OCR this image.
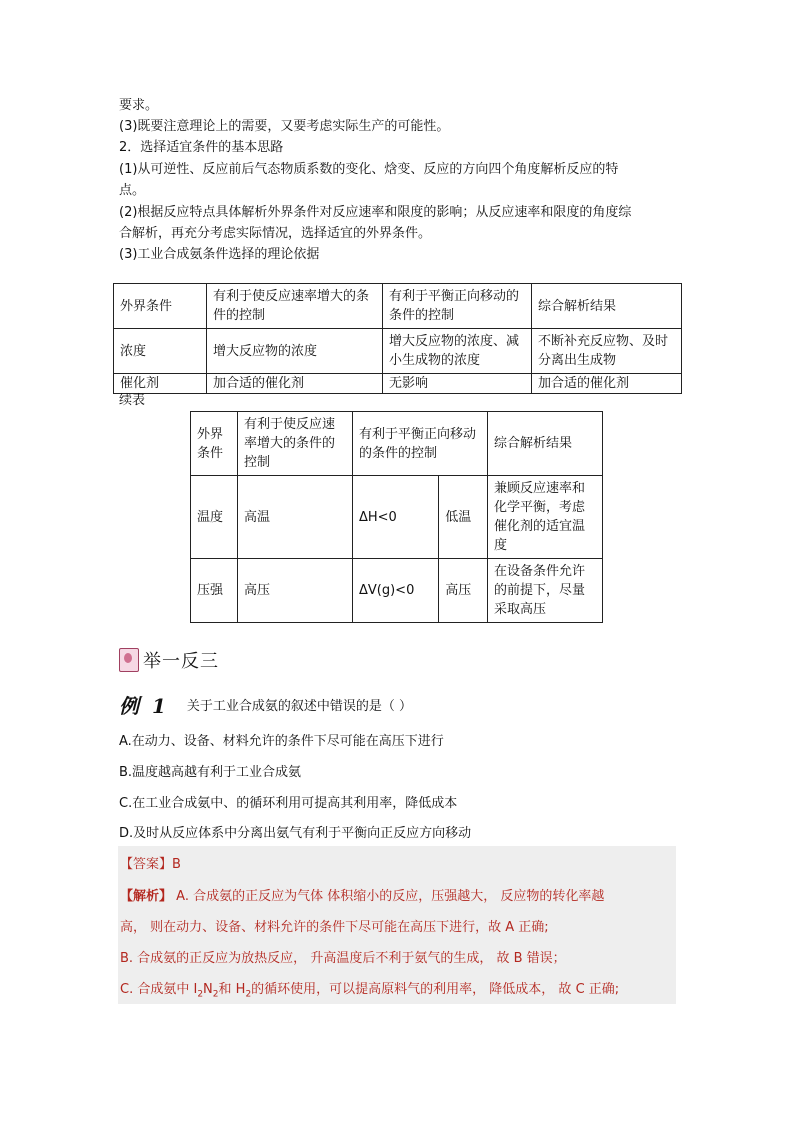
要求。
(3)既要注意理论上的需要，又要考虑实际生产的可能性。
2．选择适宜条件的基本思路
(1)从可逆性、反应前后气态物质系数的变化、焓变、反应的方向四个角度解析反应的特
点。
(2)根据反应特点具体解析外界条件对反应速率和限度的影响；从反应速率和限度的角度综
合解析，再充分考虑实际情况，选择适宜的外界条件。
(3)工业合成氨条件选择的理论依据
外界条件	有利于使反应速率增大的条件的控制	有利于平衡正向移动的条件的控制	综合解析结果
浓度	增大反应物的浓度	增大反应物的浓度、减小生成物的浓度	不断补充反应物、及时分离出生成物
催化剂	加合适的催化剂	无影响	加合适的催化剂
续表
外界条件	有利于使反应速率增大的条件的控制	有利于平衡正向移动的条件的控制		综合解析结果
温度	高温	ΔH<0	低温	兼顾反应速率和化学平衡，考虑催化剂的适宜温度
压强	高压	ΔV(g)<0	高压	在设备条件允许的前提下，尽量采取高压
举一反三
例 1 关于工业合成氨的叙述中错误的是（ ）
A.在动力、设备、材料允许的条件下尽可能在高压下进行
B.温度越高越有利于工业合成氨
C.在工业合成氨中、的循环利用可提高其利用率，降低成本
D.及时从反应体系中分离出氨气有利于平衡向正反应方向移动
【答案】B
【解析】 A. 合成氨的正反应为气体 体积缩小的反应，压强越大， 反应物的转化率越
高， 则在动力、设备、材料允许的条件下尽可能在高压下进行，故 A 正确;
B. 合成氨的正反应为放热反应， 升高温度后不利于氨气的生成， 故 B 错误；
C. 合成氨中 $I_2N_2$和 $H_2$的循环使用，可以提高原料气的利用率， 降低成本， 故 C 正确;
